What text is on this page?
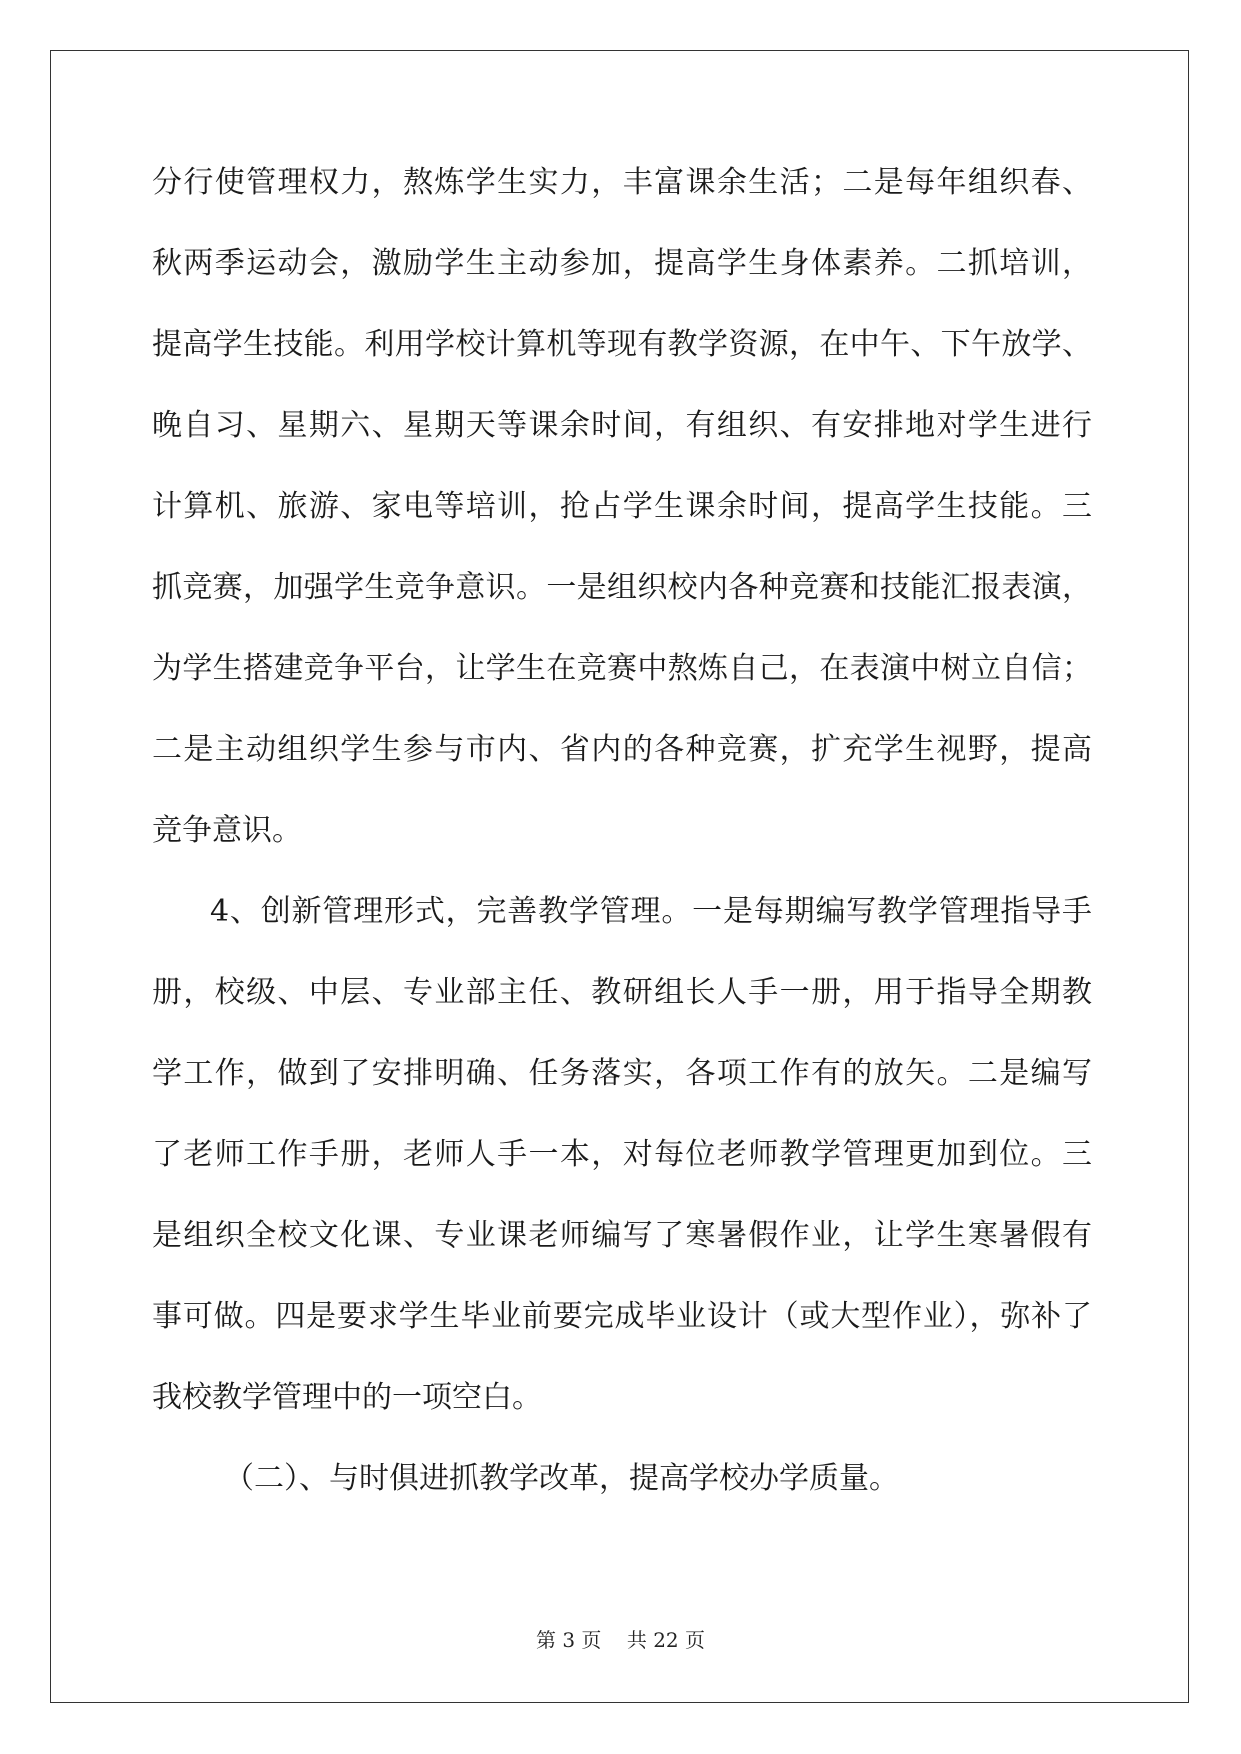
分行使管理权力，熬炼学生实力，丰富课余生活；二是每年组织春、
秋两季运动会，激励学生主动参加，提高学生身体素养。二抓培训，
提高学生技能。利用学校计算机等现有教学资源，在中午、下午放学、
晚自习、星期六、星期天等课余时间，有组织、有安排地对学生进行
计算机、旅游、家电等培训，抢占学生课余时间，提高学生技能。三
抓竞赛，加强学生竞争意识。一是组织校内各种竞赛和技能汇报表演，
为学生搭建竞争平台，让学生在竞赛中熬炼自己，在表演中树立自信；
二是主动组织学生参与市内、省内的各种竞赛，扩充学生视野，提高
竞争意识。
4、创新管理形式，完善教学管理。一是每期编写教学管理指导手
册，校级、中层、专业部主任、教研组长人手一册，用于指导全期教
学工作，做到了安排明确、任务落实，各项工作有的放矢。二是编写
了老师工作手册，老师人手一本，对每位老师教学管理更加到位。三
是组织全校文化课、专业课老师编写了寒暑假作业，让学生寒暑假有
事可做。四是要求学生毕业前要完成毕业设计（或大型作业），弥补了
我校教学管理中的一项空白。
（二）、与时俱进抓教学改革，提高学校办学质量。
第 3 页    共 22 页
